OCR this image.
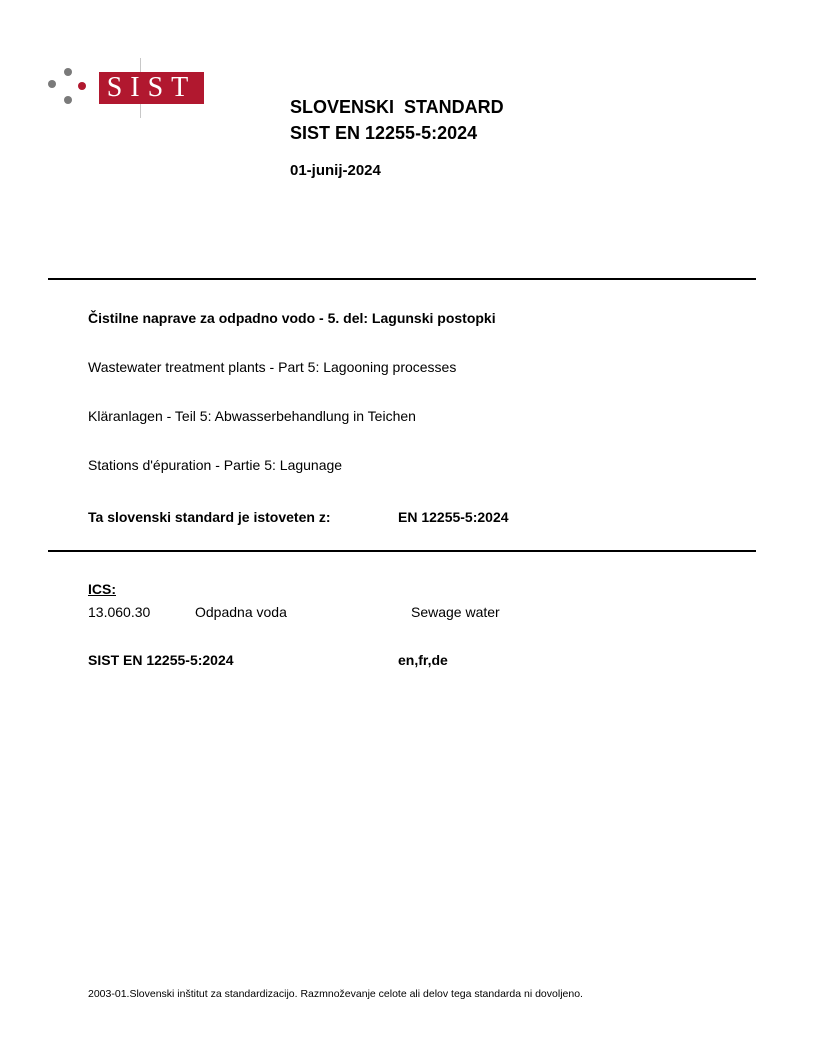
SIST
SLOVENSKI  STANDARD
SIST EN 12255-5:2024
01-junij-2024
Čistilne naprave za odpadno vodo - 5. del: Lagunski postopki
Wastewater treatment plants - Part 5: Lagooning processes
Kläranlagen - Teil 5: Abwasserbehandlung in Teichen
Stations d'épuration - Partie 5: Lagunage
Ta slovenski standard je istoveten z:	EN 12255-5:2024
ICS:
13.060.30	Odpadna voda	Sewage water
SIST EN 12255-5:2024	en,fr,de
2003-01.Slovenski inštitut za standardizacijo. Razmnoževanje celote ali delov tega standarda ni dovoljeno.
